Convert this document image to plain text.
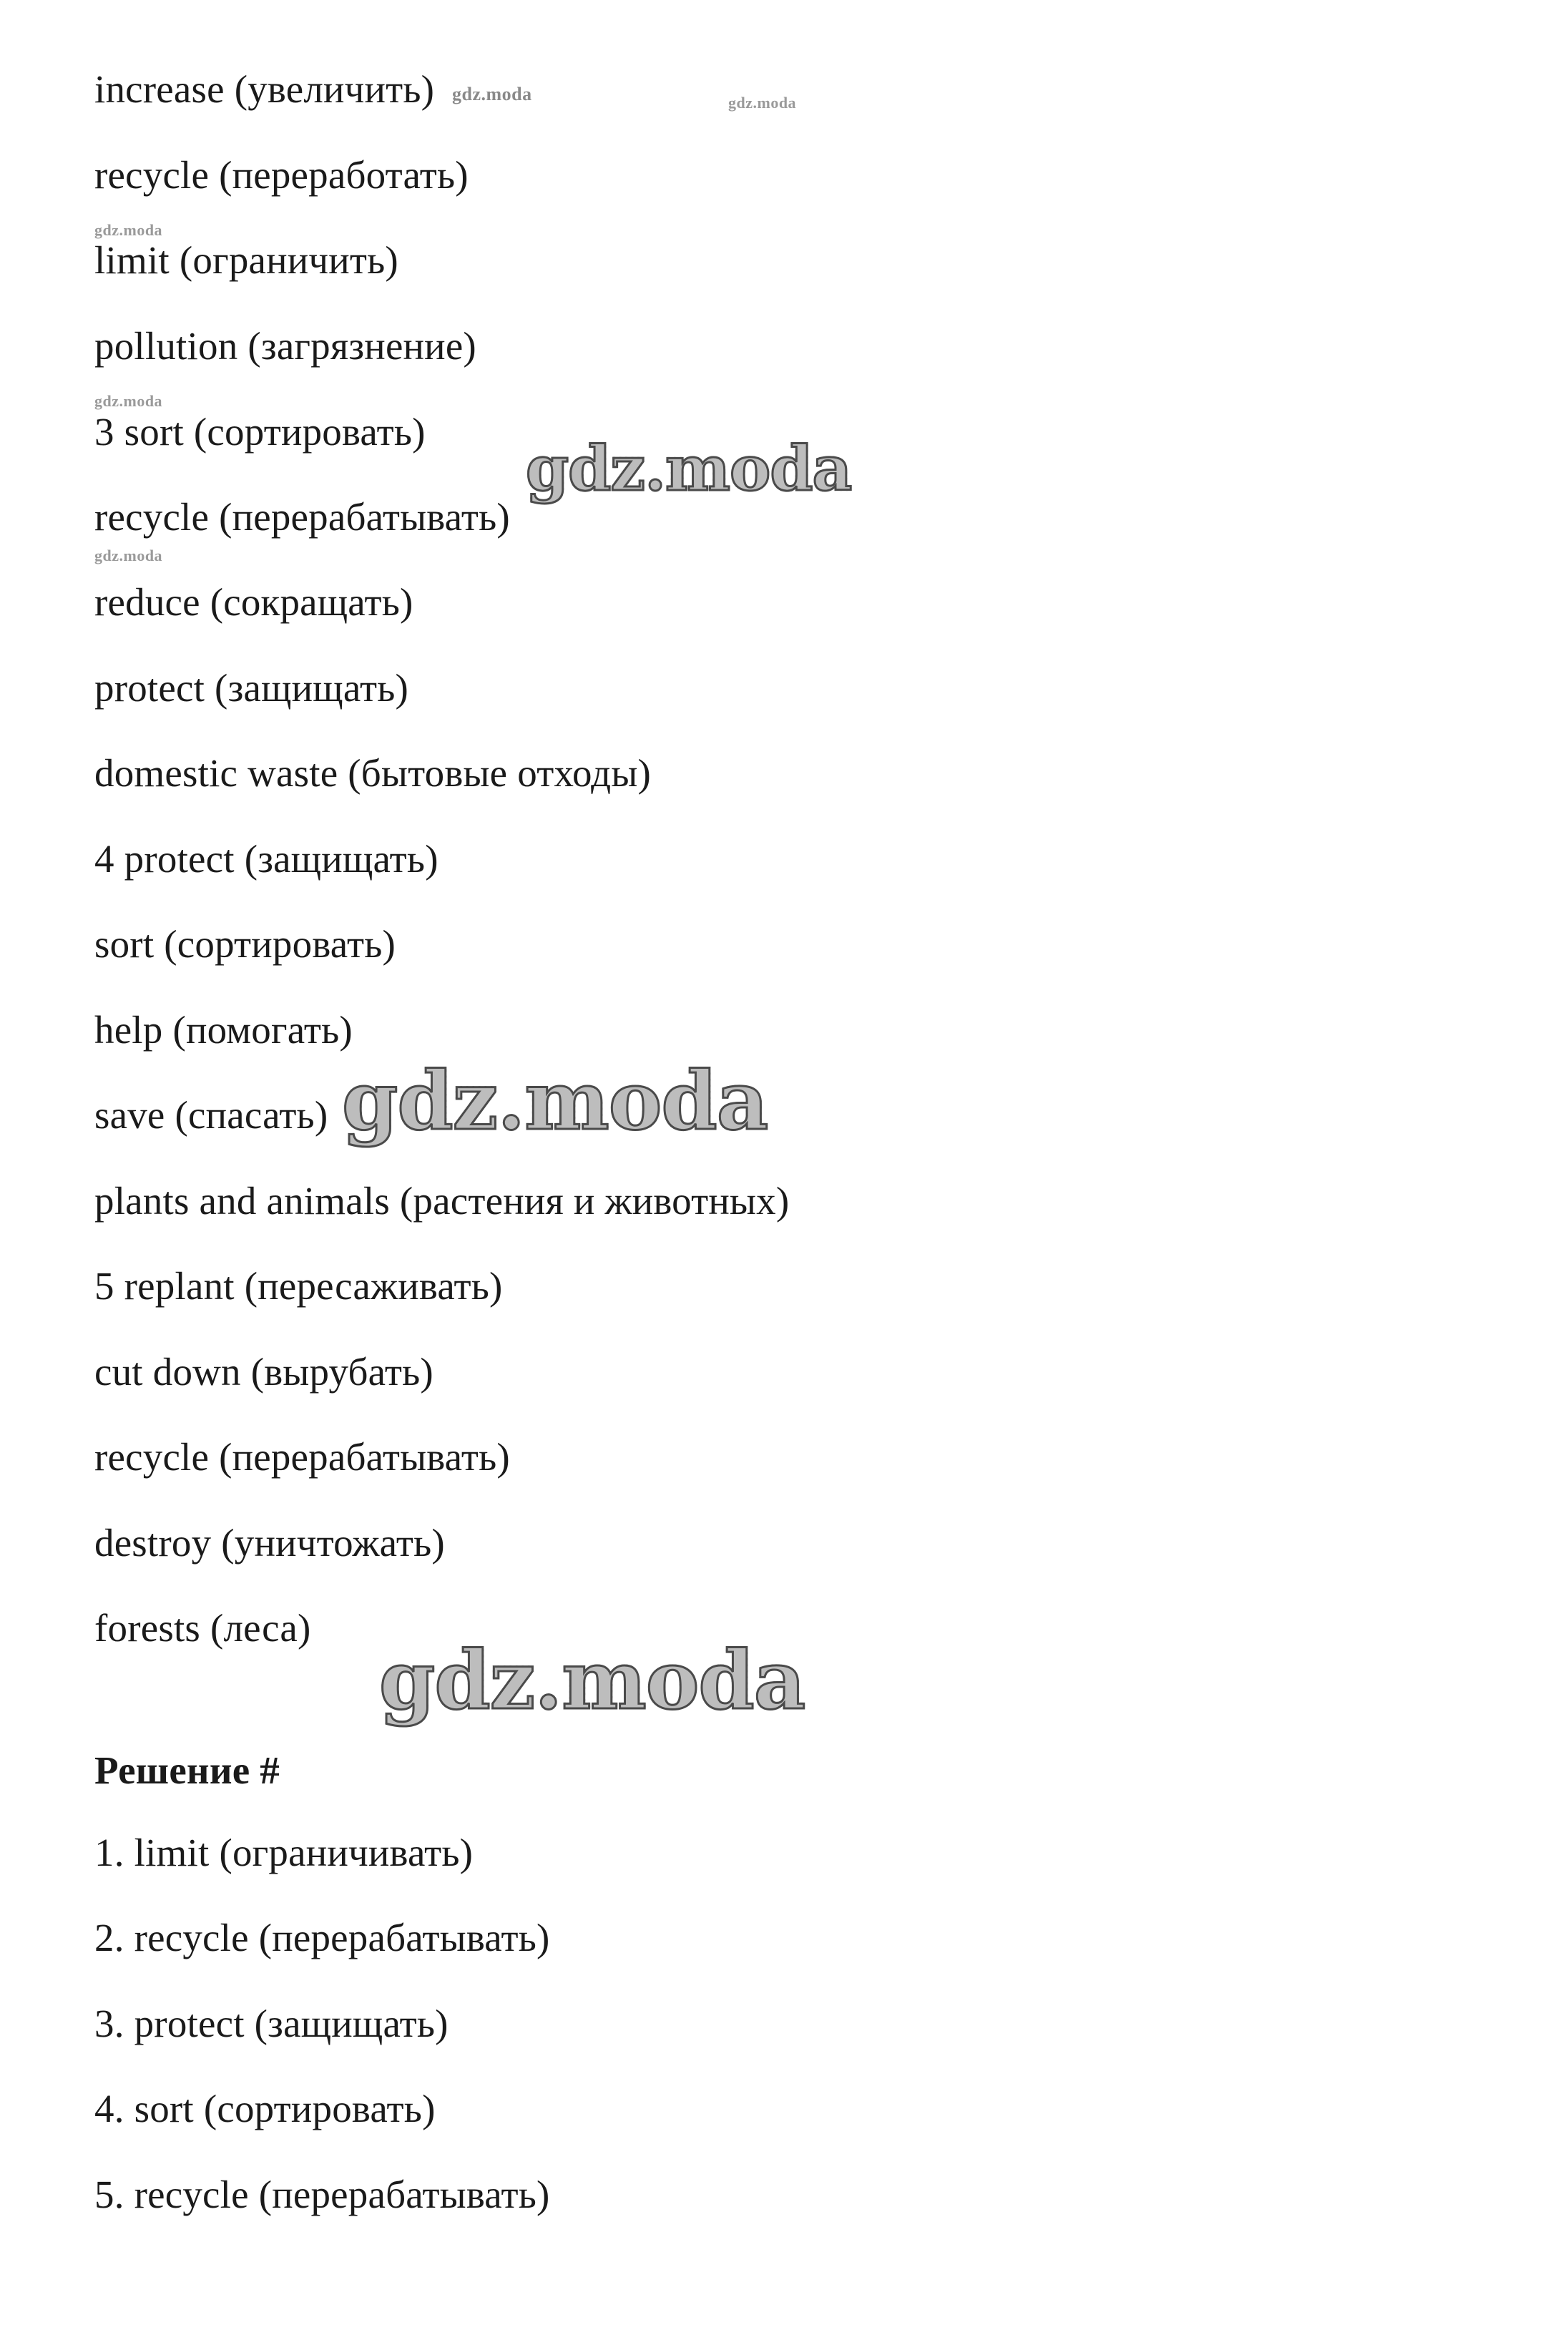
increase (увеличить)
recycle (переработать)
limit (ограничить)
pollution (загрязнение)
3 sort (сортировать)
recycle (перерабатывать)
reduce (сокращать)
protect (защищать)
domestic waste (бытовые отходы)
4 protect (защищать)
sort (сортировать)
help (помогать)
save (спасать)
plants and animals (растения и животных)
5 replant (пересаживать)
cut down (вырубать)
recycle (перерабатывать)
destroy (уничтожать)
forests (леса)
Решение #
1. limit (ограничивать)
2. recycle (перерабатывать)
3. protect (защищать)
4. sort (сортировать)
5. recycle (перерабатывать)
gdz.moda	gdz.moda
gdz.moda
gdz.moda
gdz.moda
gdz.moda
gdz.moda
gdz.moda
